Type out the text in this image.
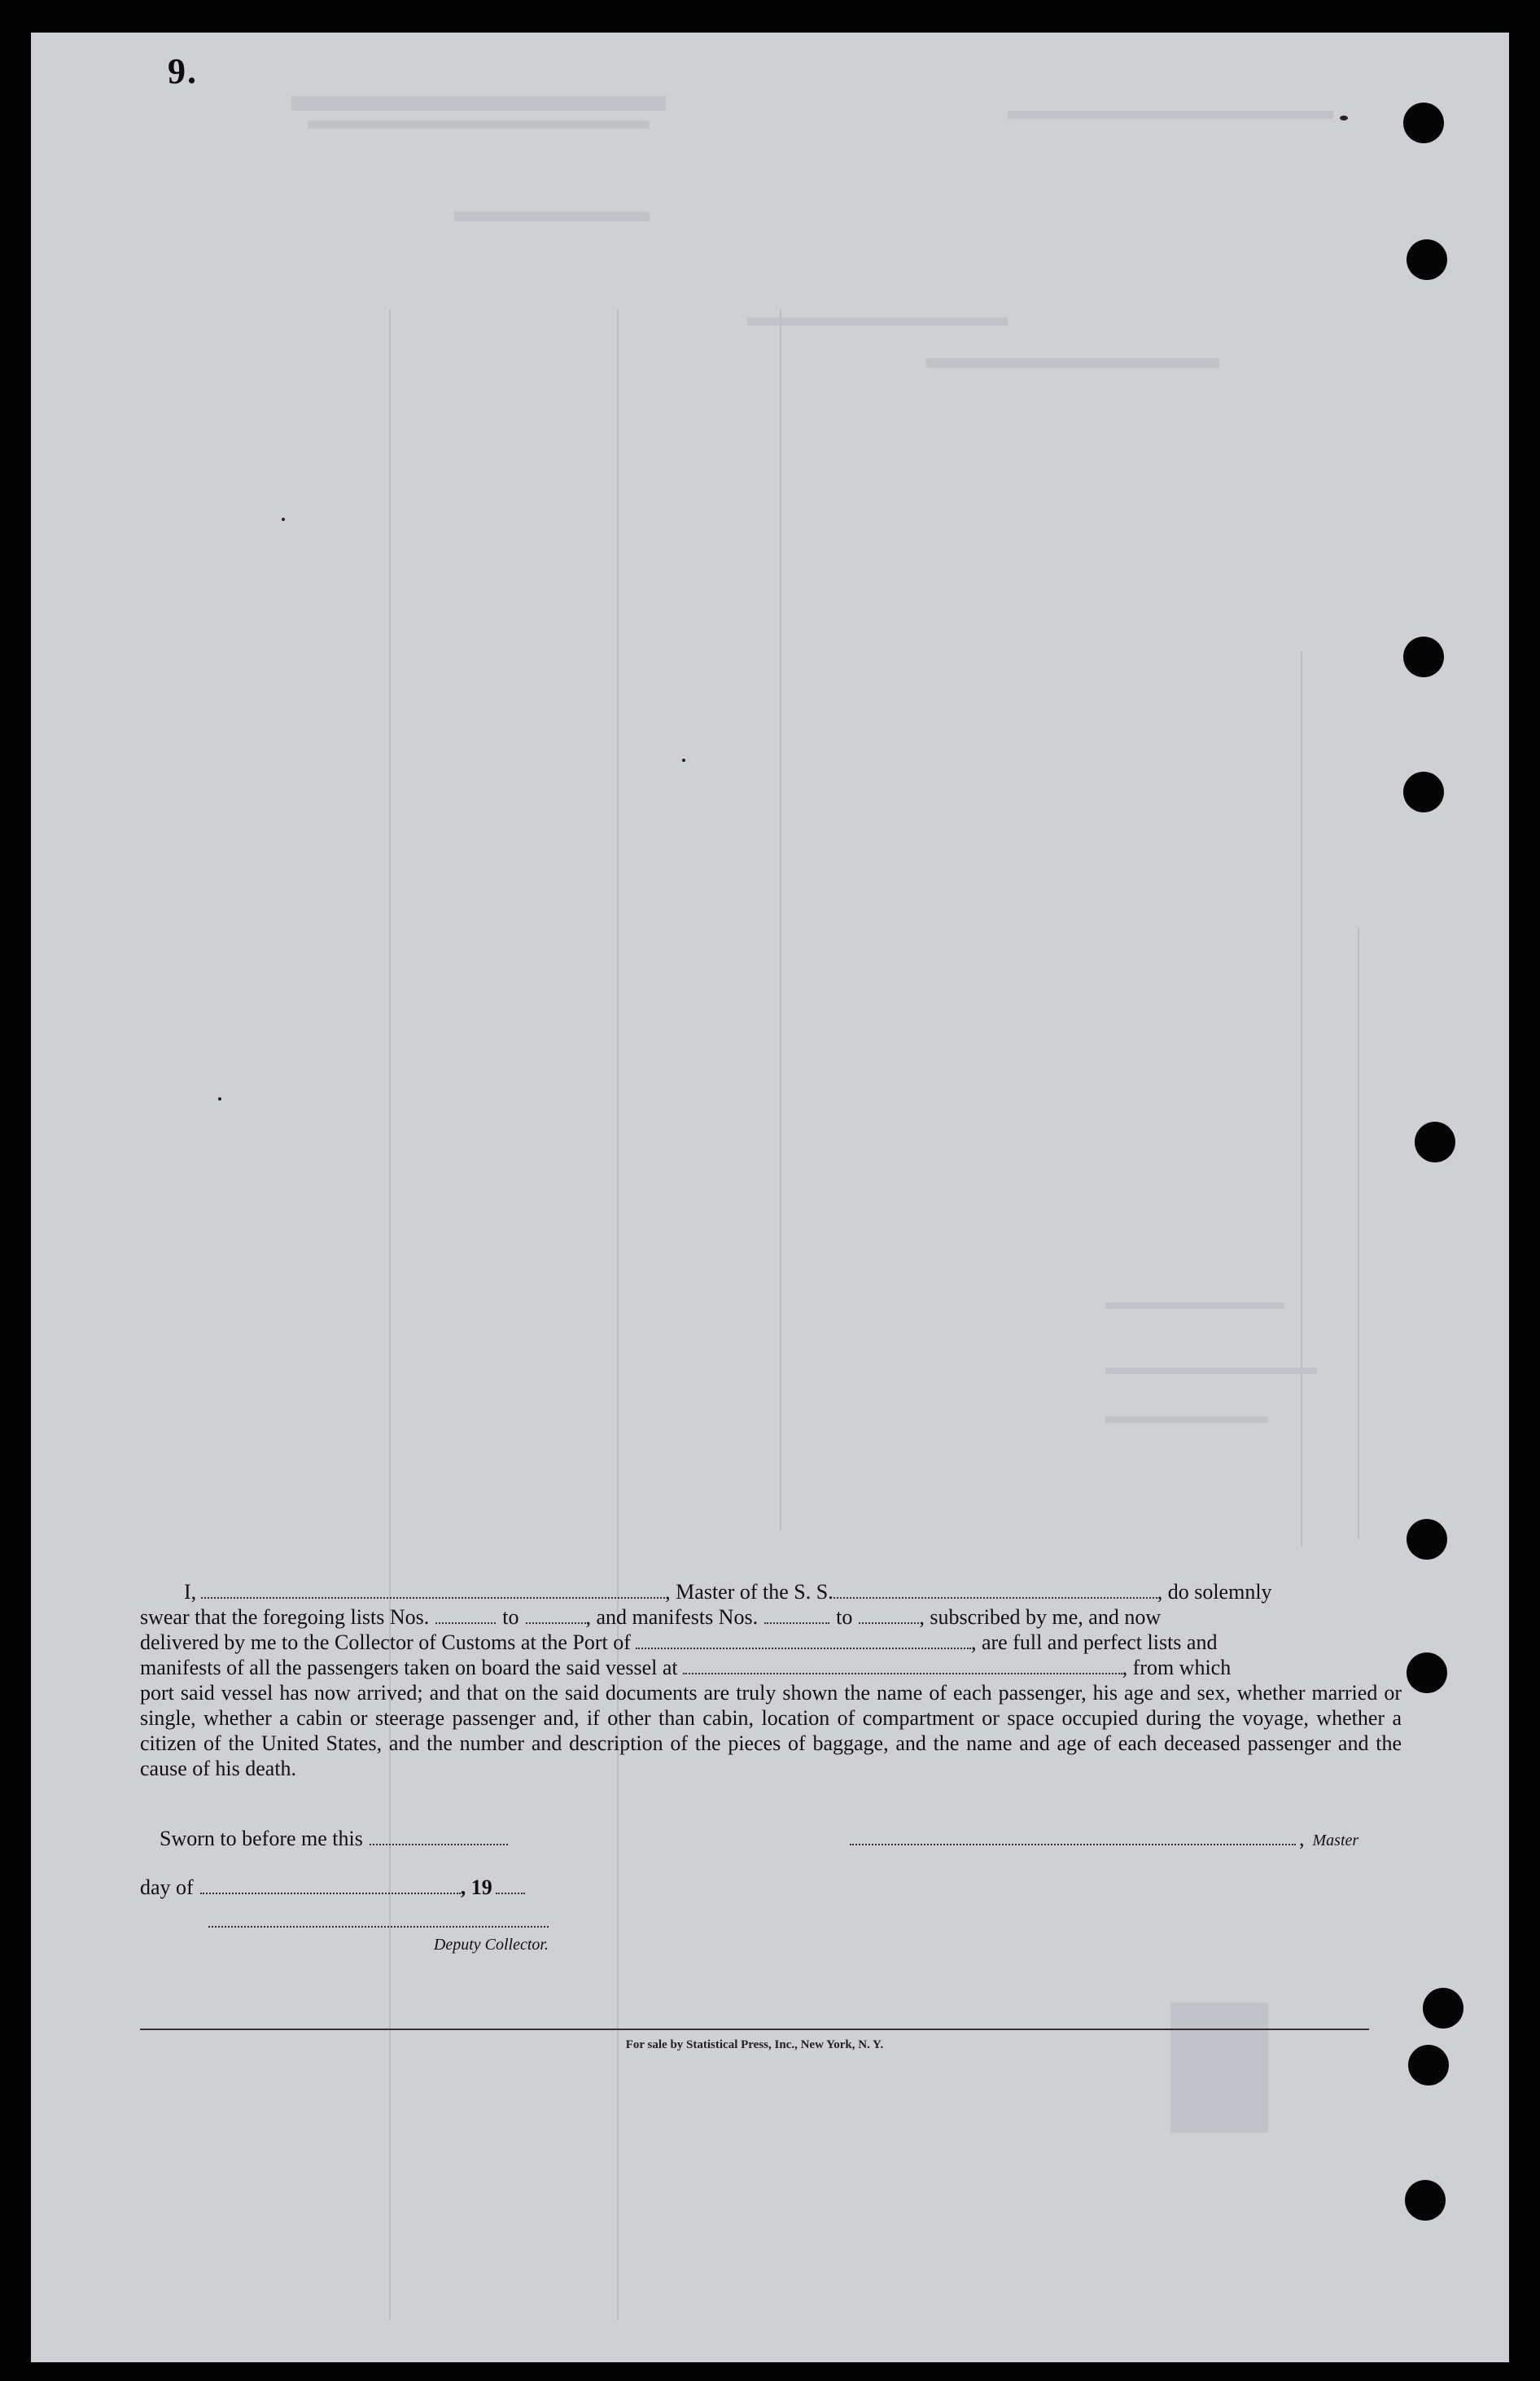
9.

I,	, Master of the S. S.	, do solemnly

swear that the foregoing lists Nos.	to	, and manifests Nos.	to	, subscribed by me, and now

delivered by me to the Collector of Customs at the Port of	, are full and perfect lists and

manifests of all the passengers taken on board the said vessel at	, from which

port said vessel has now arrived; and that on the said documents are truly shown the name of each passenger, his age and sex, whether married or single, whether a cabin or steerage passenger and, if other than cabin, location of compartment or space occupied during the voyage, whether a citizen of the United States, and the number and description of the pieces of baggage, and the name and age of each deceased passenger and the cause of his death.

Sworn to before me this	, Master
day of	, 19
Deputy Collector.
For sale by Statistical Press, Inc., New York, N. Y.
